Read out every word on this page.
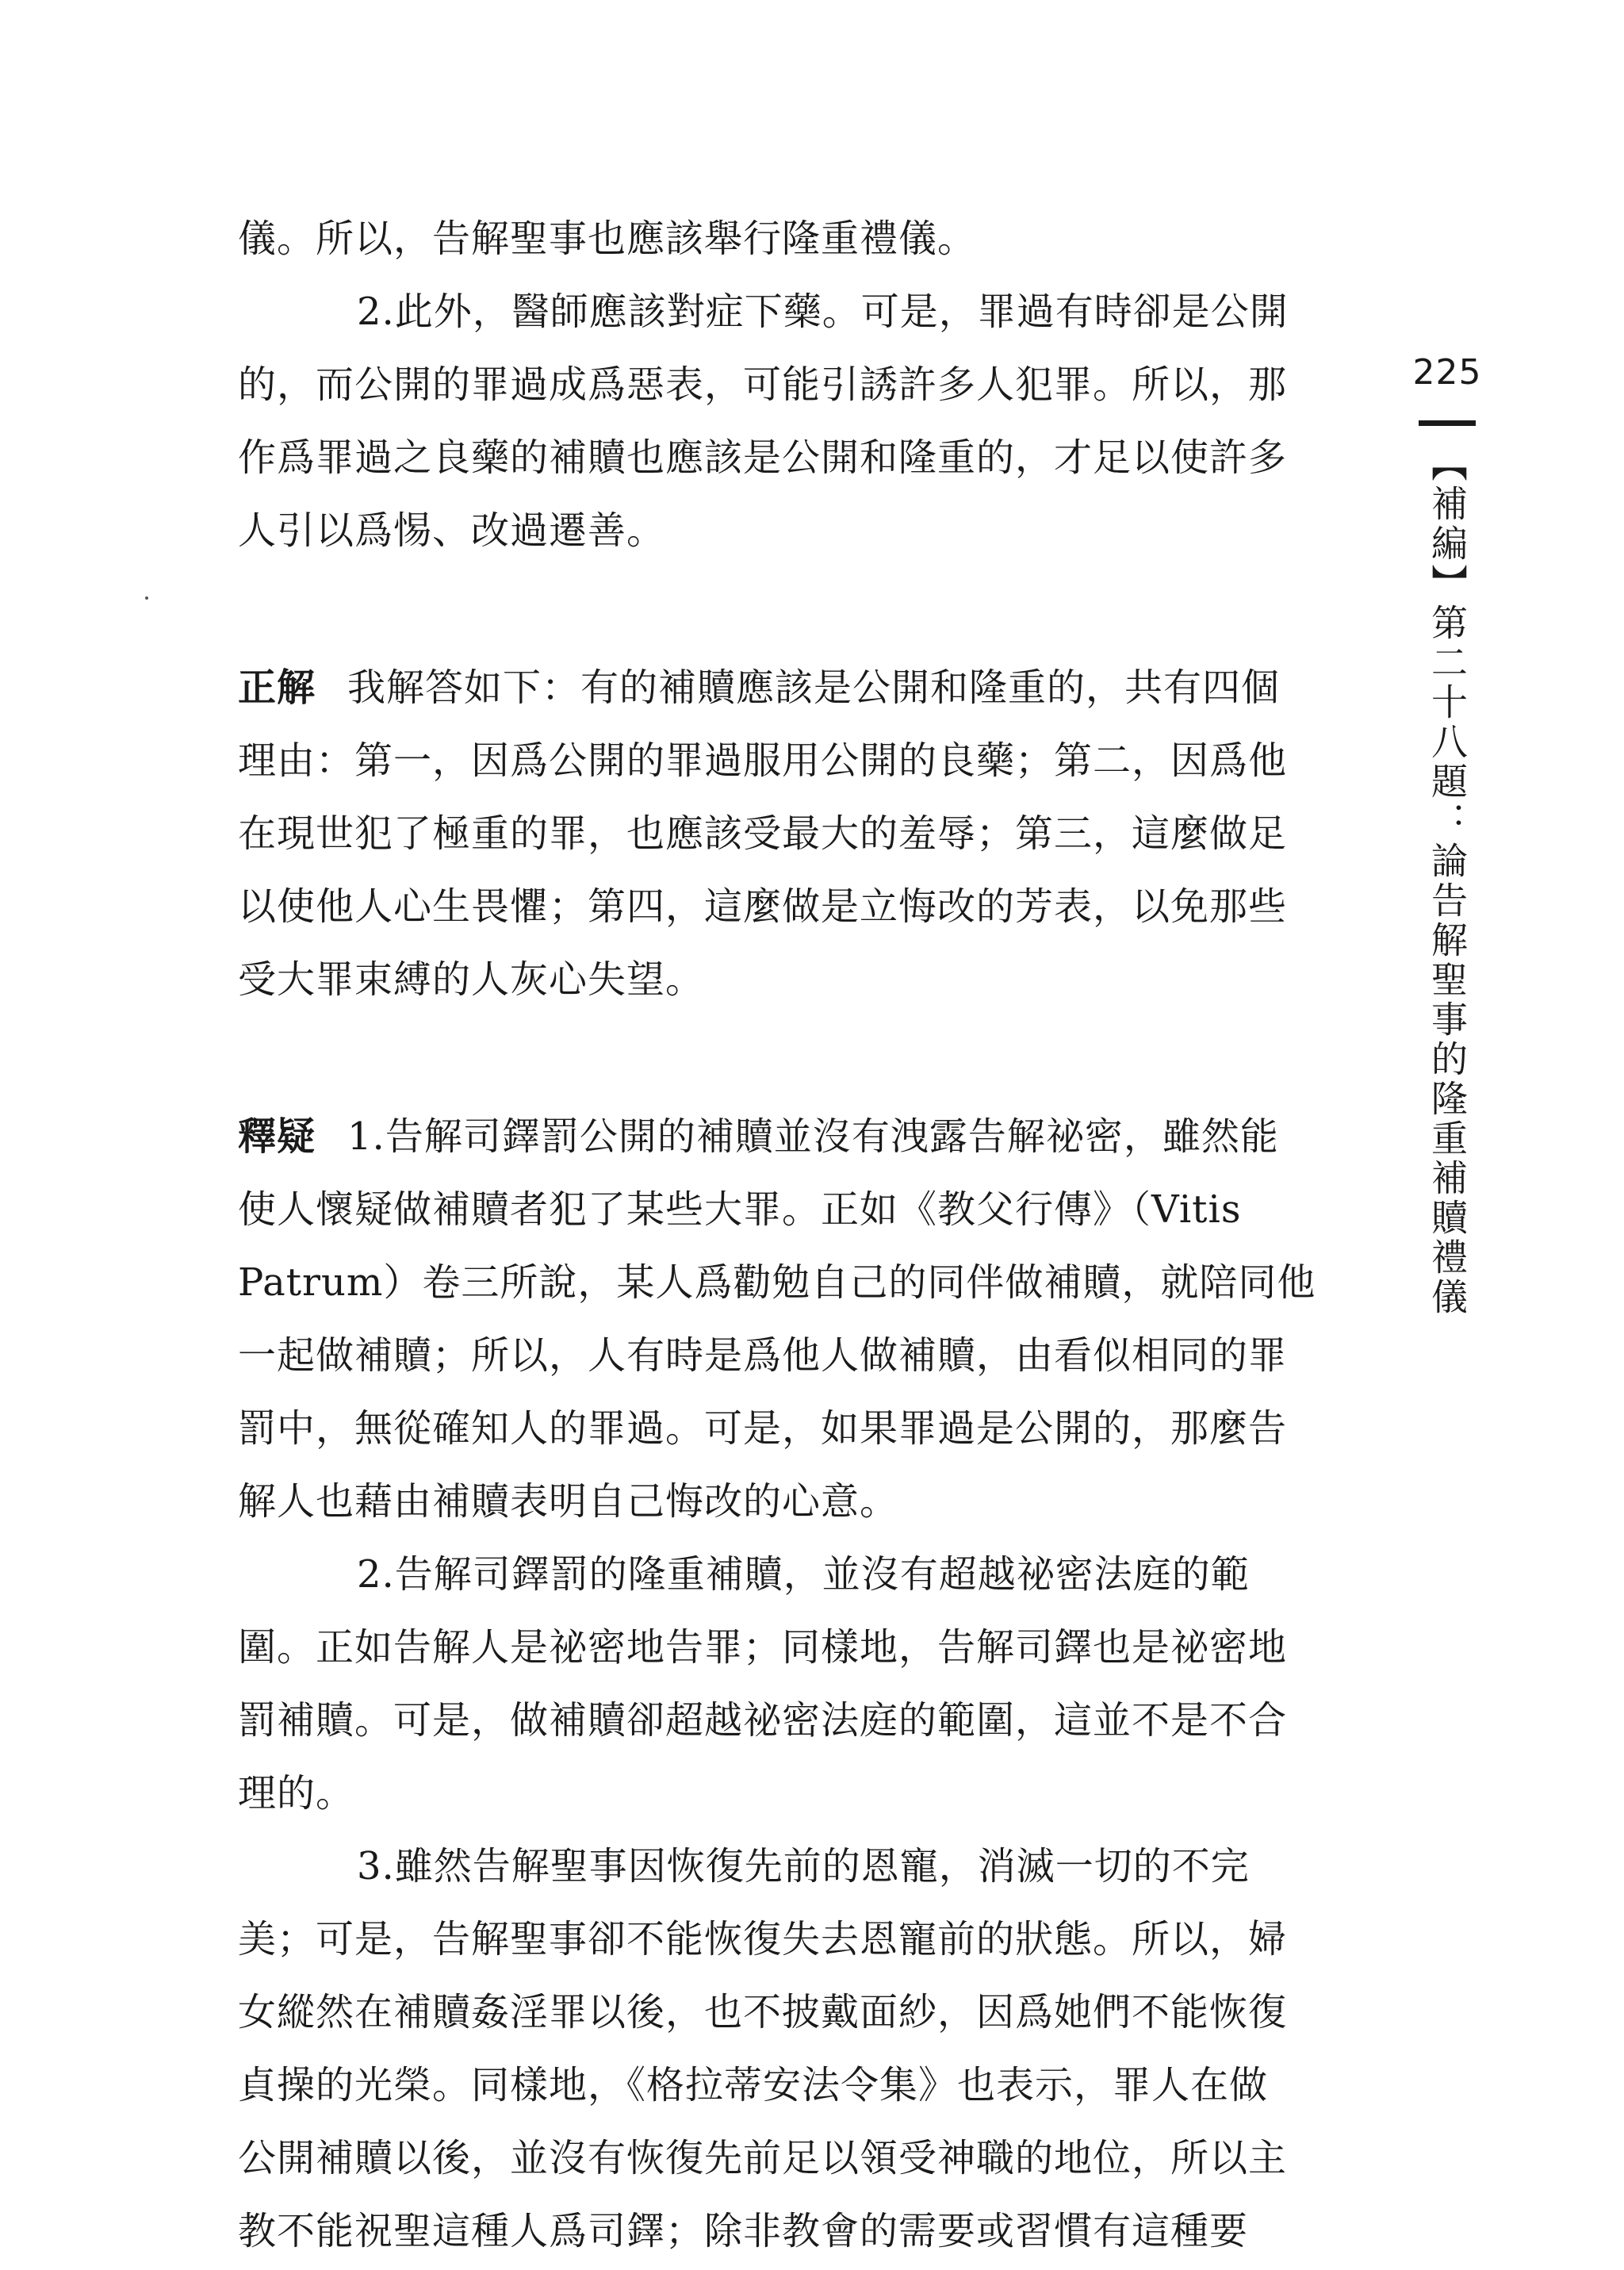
儀。所以，告解聖事也應該舉行隆重禮儀。
2.此外，醫師應該對症下藥。可是，罪過有時卻是公開
的，而公開的罪過成爲惡表，可能引誘許多人犯罪。所以，那
作爲罪過之良藥的補贖也應該是公開和隆重的，才足以使許多
人引以爲惕、改過遷善。
正解 我解答如下：有的補贖應該是公開和隆重的，共有四個
理由：第一，因爲公開的罪過服用公開的良藥；第二，因爲他
在現世犯了極重的罪，也應該受最大的羞辱；第三，這麼做足
以使他人心生畏懼；第四，這麼做是立悔改的芳表，以免那些
受大罪束縛的人灰心失望。
釋疑 1.告解司鐸罰公開的補贖並沒有洩露告解祕密，雖然能
使人懷疑做補贖者犯了某些大罪。正如《教父行傳》（Vitis
Patrum）卷三所說，某人爲勸勉自己的同伴做補贖，就陪同他
一起做補贖；所以，人有時是爲他人做補贖，由看似相同的罪
罰中，無從確知人的罪過。可是，如果罪過是公開的，那麼告
解人也藉由補贖表明自己悔改的心意。
2.告解司鐸罰的隆重補贖，並沒有超越祕密法庭的範
圍。正如告解人是祕密地告罪；同樣地，告解司鐸也是祕密地
罰補贖。可是，做補贖卻超越祕密法庭的範圍，這並不是不合
理的。
3.雖然告解聖事因恢復先前的恩寵，消滅一切的不完
美；可是，告解聖事卻不能恢復失去恩寵前的狀態。所以，婦
女縱然在補贖姦淫罪以後，也不披戴面紗，因爲她們不能恢復
貞操的光榮。同樣地，《格拉蒂安法令集》也表示，罪人在做
公開補贖以後，並沒有恢復先前足以領受神職的地位，所以主
教不能祝聖這種人爲司鐸；除非教會的需要或習慣有這種要
225
【補編】第二十八題：論告解聖事的隆重補贖禮儀
